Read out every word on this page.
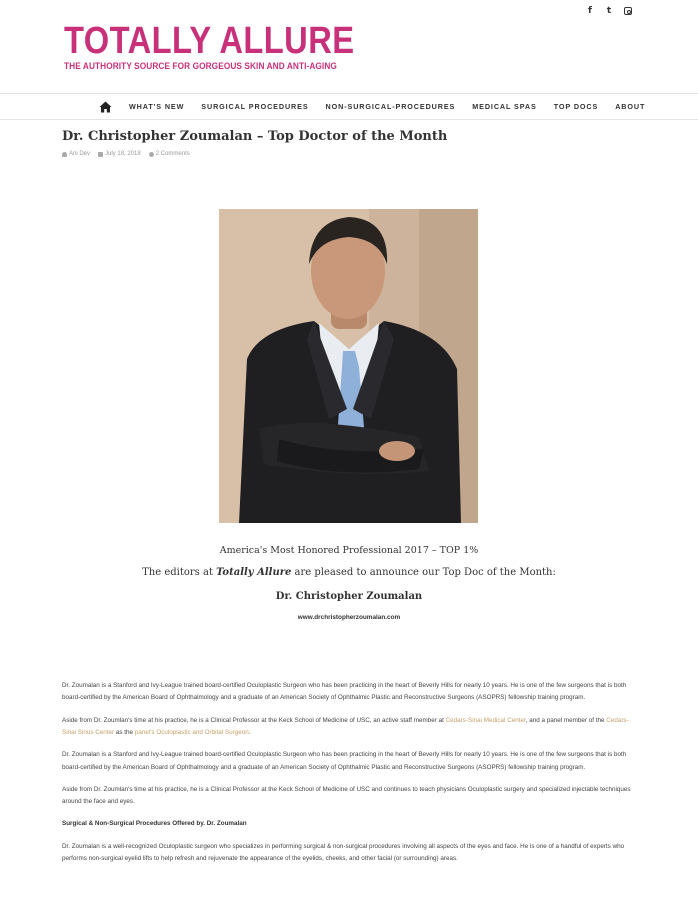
TOTALLY ALLURE
THE AUTHORITY SOURCE FOR GORGEOUS SKIN AND ANTI-AGING
f t
WHAT'S NEW SURGICAL PROCEDURES NON-SURGICAL-PROCEDURES MEDICAL SPAS TOP DOCS ABOUT
Dr. Christopher Zoumalan – Top Doctor of the Month
Ani Dev	July 18, 2018	2 Comments
America's Most Honored Professional 2017 – TOP 1%
The editors at Totally Allure are pleased to announce our Top Doc of the Month:
Dr. Christopher Zoumalan
www.drchristopherzoumalan.com

Dr. Zoumalan is a Stanford and Ivy-League trained board-certified Oculoplastic Surgeon who has been practicing in the heart of Beverly Hills for nearly 10 years. He is one of the few surgeons that is both board-certified by the American Board of Ophthalmology and a graduate of an American Society of Ophthalmic Plastic and Reconstructive Surgeons (ASOPRS) fellowship training program.

Aside from Dr. Zoumlan's time at his practice, he is a Clinical Professor at the Keck School of Medicine of USC, an active staff member at Cedars-Sinai Medical Center, and a panel member of the Cedars-Sinai Sinus Center as the panel's Oculoplastic and Orbital Surgeon.

Dr. Zoumalan is a Stanford and Ivy-League trained board-certified Oculoplastic Surgeon who has been practicing in the heart of Beverly Hills for nearly 10 years. He is one of the few surgeons that is both board-certified by the American Board of Ophthalmology and a graduate of an American Society of Ophthalmic Plastic and Reconstructive Surgeons (ASOPRS) fellowship training program.

Aside from Dr. Zoumlan's time at his practice, he is a Clinical Professor at the Keck School of Medicine of USC and continues to teach physicians Oculoplastic surgery and specialized injectable techniques around the face and eyes.

Surgical & Non-Surgical Procedures Offered by. Dr. Zoumalan

Dr. Zoumalan is a well-recognized Oculoplastic surgeon who specializes in performing surgical & non-surgical procedures involving all aspects of the eyes and face. He is one of a handful of experts who performs non-surgical eyelid lifts to help refresh and rejuvenate the appearance of the eyelids, cheeks, and other facial (or surrounding) areas.
